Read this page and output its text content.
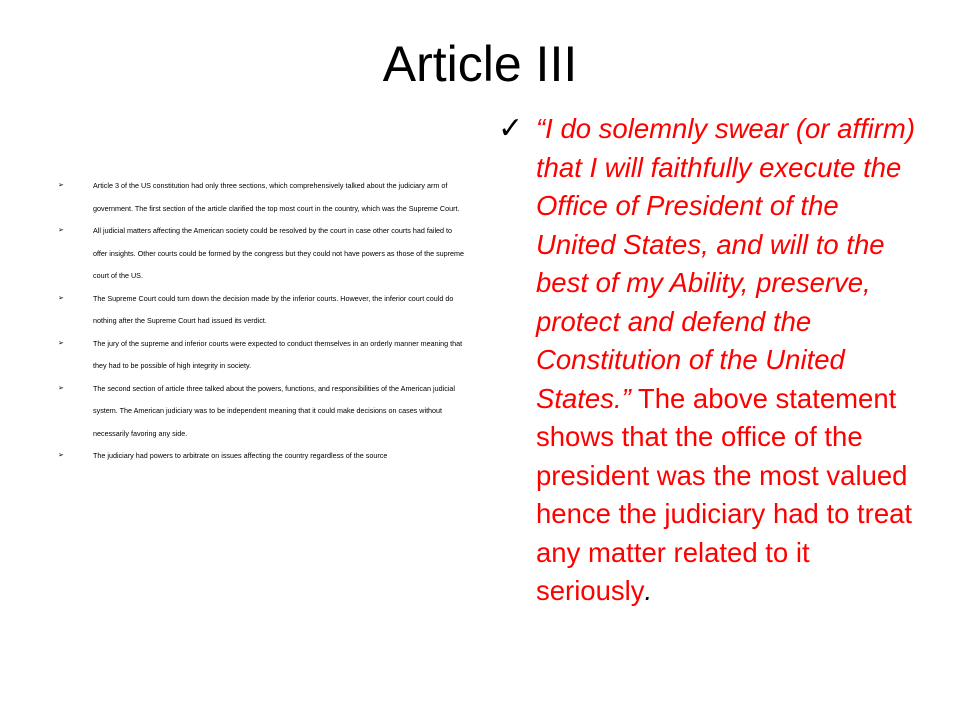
Article III
➢	Article 3 of the US constitution had only three sections, which comprehensively talked about the judiciary arm of government. The first section of the article clarified the top most court in the country, which was the Supreme Court.
➢	All judicial matters affecting the American society could be resolved by the court in case other courts had failed to offer insights. Other courts could be formed by the congress but they could not have powers as those of the supreme court of the US.
➢	The Supreme Court could turn down the decision made by the inferior courts. However, the inferior court could do nothing after the Supreme Court had issued its verdict.
➢	The jury of the supreme and inferior courts were expected to conduct themselves in an orderly manner meaning that they had to be possible of high integrity in society.
➢	The second section of article three talked about the powers, functions, and responsibilities of the American judicial system. The American judiciary was to be independent meaning that it could make decisions on cases without necessarily favoring any side.
➢	The judiciary had powers to arbitrate on issues affecting the country regardless of the source
✓ “I do solemnly swear (or affirm) that I will faithfully execute the Office of President of the United States, and will to the best of my Ability, preserve, protect and defend the Constitution of the United States.” The above statement shows that the office of the president was the most valued hence the judiciary had to treat any matter related to it seriously.
